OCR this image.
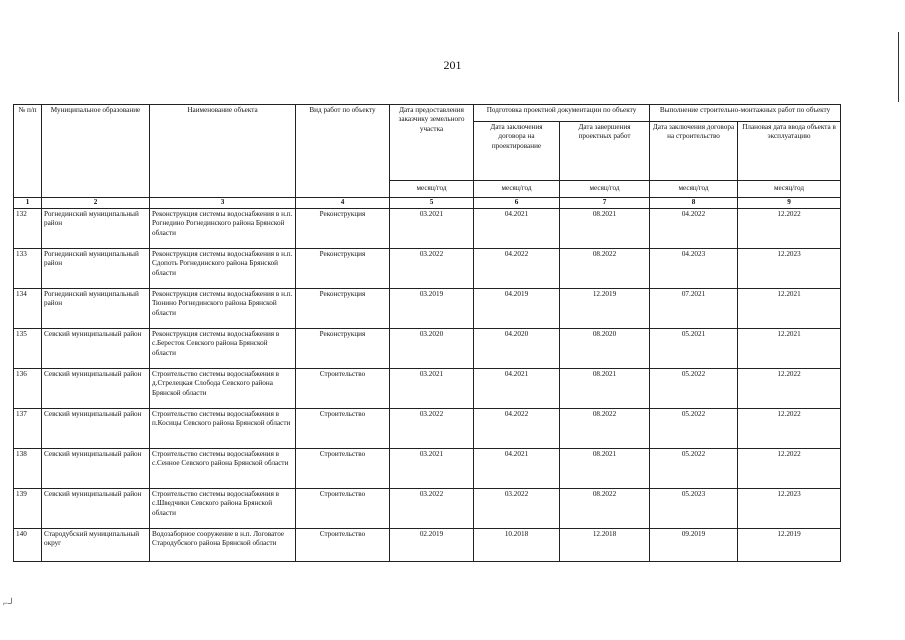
201
№ п/п	Муниципальное образование	Наименование объекта	Вид работ по объекту	Дата предоставления заказчику земельного участка	Подготовка проектной документации по объекту		Выполнение строительно-монтажных работ по объекту	
					Дата заключения договора на проектирование	Дата завершения проектных работ	Дата заключения договора на строительство	Плановая дата ввода объекта в эксплуатацию
				месяц/год	месяц/год	месяц/год	месяц/год	месяц/год
1	2	3	4	5	6	7	8	9
132	Рогнединский муниципальный район	Реконструкция системы водоснабжения в н.п. Рогнедино Рогнединского района Брянской области	Реконструкция	03.2021	04.2021	08.2021	04.2022	12.2022
133	Рогнединский муниципальный район	Реконструкция системы водоснабжения в н.п. Сдопоть Рогнединского района Брянской области	Реконструкция	03.2022	04.2022	08.2022	04.2023	12.2023
134	Рогнединский муниципальный район	Реконструкция системы водоснабжения в н.п. Тюнино Рогнединского района Брянской области	Реконструкция	03.2019	04.2019	12.2019	07.2021	12.2021
135	Севский муниципальный район	Реконструкция системы водоснабжения в с.Бересток Севского района Брянской области	Реконструкция	03.2020	04.2020	08.2020	05.2021	12.2021
136	Севский муниципальный район	Строительство системы водоснабжения в д.Стрелецкая Слобода Севского района Брянской области	Строительство	03.2021	04.2021	08.2021	05.2022	12.2022
137	Севский муниципальный район	Строительство системы водоснабжения в п.Косицы Севского района Брянской области	Строительство	03.2022	04.2022	08.2022	05.2022	12.2022
138	Севский муниципальный район	Строительство системы водоснабжения в с.Сенное Севского района Брянской области	Строительство	03.2021	04.2021	08.2021	05.2022	12.2022
139	Севский муниципальный район	Строительство системы водоснабжения в с.Шведчики Севского района Брянской области	Строительство	03.2022	03.2022	08.2022	05.2023	12.2023
140	Стародубский муниципальный округ	Водозаборное сооружение в н.п. Логоватое Стародубского района Брянской области	Строительство	02.2019	10.2018	12.2018	09.2019	12.2019
⌐┘
